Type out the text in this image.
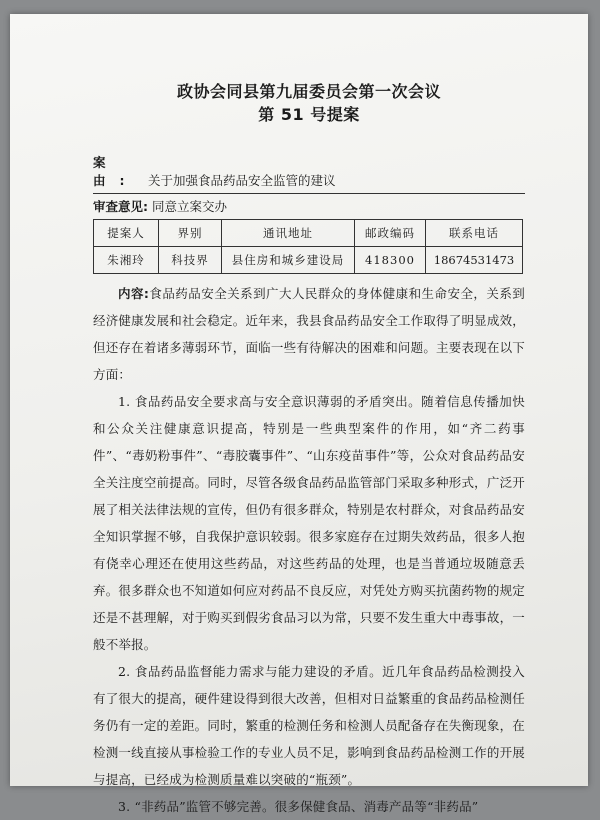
政协会同县第九届委员会第一次会议
第 51 号提案
案由: 关于加强食品药品安全监管的建议
审查意见: 同意立案交办
提案人	界别	通讯地址	邮政编码	联系电话
朱湘玲	科技界	县住房和城乡建设局	418300	18674531473

内容:食品药品安全关系到广大人民群众的身体健康和生命安全，关系到经济健康发展和社会稳定。近年来，我县食品药品安全工作取得了明显成效，但还存在着诸多薄弱环节，面临一些有待解决的困难和问题。主要表现在以下方面：

1. 食品药品安全要求高与安全意识薄弱的矛盾突出。随着信息传播加快和公众关注健康意识提高，特别是一些典型案件的作用，如“齐二药事件”、“毒奶粉事件”、“毒胶囊事件”、“山东疫苗事件”等，公众对食品药品安全关注度空前提高。同时，尽管各级食品药品监管部门采取多种形式，广泛开展了相关法律法规的宣传，但仍有很多群众，特别是农村群众，对食品药品安全知识掌握不够，自我保护意识较弱。很多家庭存在过期失效药品，很多人抱有侥幸心理还在使用这些药品，对这些药品的处理，也是当普通垃圾随意丢弃。很多群众也不知道如何应对药品不良反应，对凭处方购买抗菌药物的规定还是不甚理解，对于购买到假劣食品习以为常，只要不发生重大中毒事故，一般不举报。

2. 食品药品监督能力需求与能力建设的矛盾。近几年食品药品检测投入有了很大的提高，硬件建设得到很大改善，但相对日益繁重的食品药品检测任务仍有一定的差距。同时，繁重的检测任务和检测人员配备存在失衡现象，在检测一线直接从事检验工作的专业人员不足，影响到食品药品检测工作的开展与提高，已经成为检测质量难以突破的“瓶颈”。

3. “非药品”监管不够完善。很多保健食品、消毒产品等“非药品”
